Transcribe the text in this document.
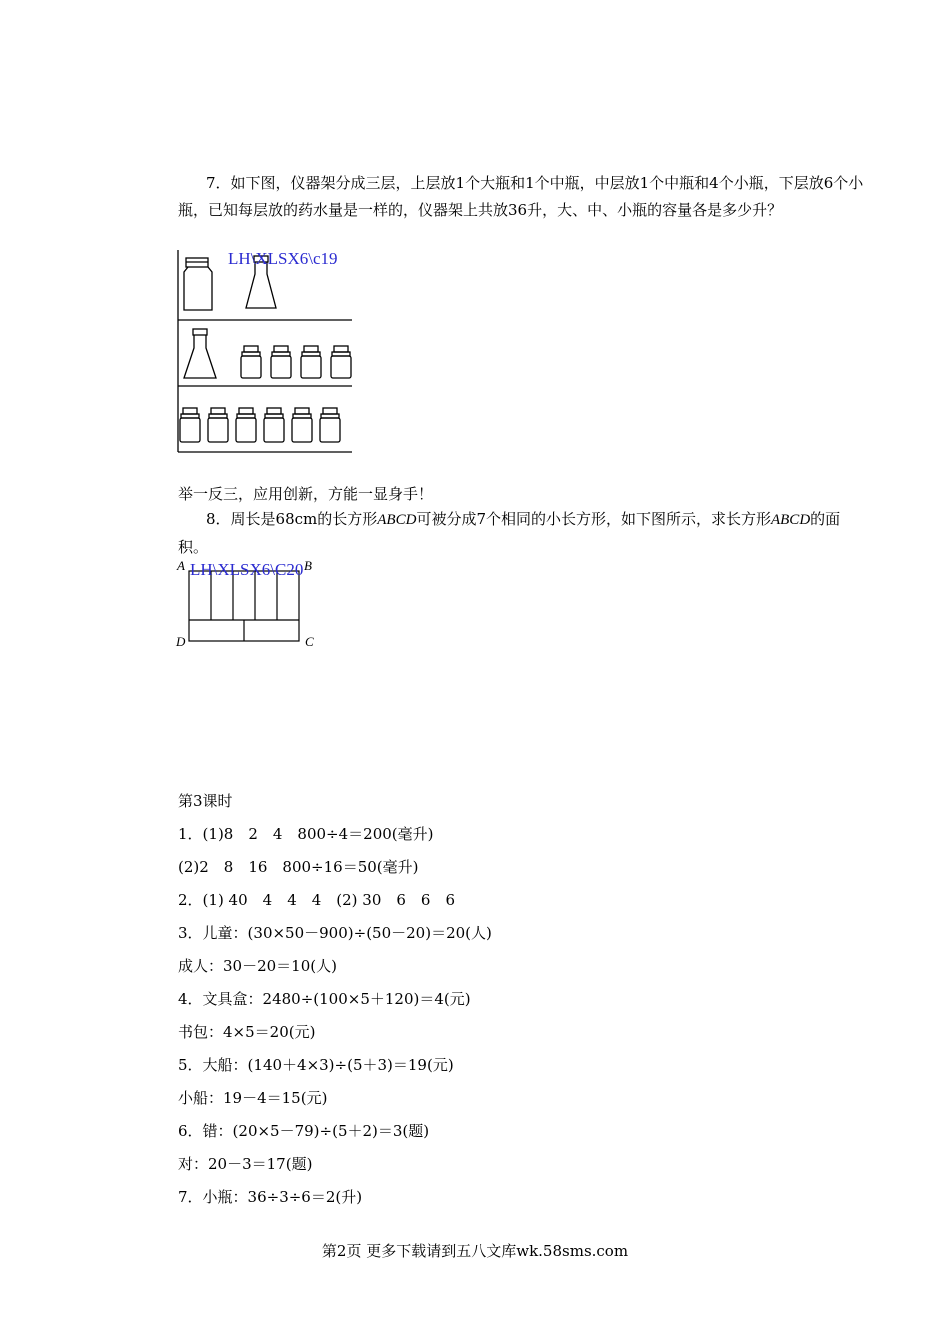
7．如下图，仪器架分成三层，上层放1个大瓶和1个中瓶，中层放1个中瓶和4个小瓶，下层放6个小瓶，已知每层放的药水量是一样的，仪器架上共放36升，大、中、小瓶的容量各是多少升？
LH\XLSX6\c19
举一反三，应用创新，方能一显身手！
8．周长是68cm的长方形ABCD可被分成7个相同的小长方形，如下图所示，求长方形ABCD的面积。
A	B
C
D
LH\XLSX6\C20
第3课时
1．(1)8　2　4　800÷4＝200(毫升)
(2)2　8　16　800÷16＝50(毫升)
2．(1) 40　4　4　4　(2) 30　6　6　6
3．儿童：(30×50－900)÷(50－20)＝20(人)
成人：30－20＝10(人)
4．文具盒：2480÷(100×5＋120)＝4(元)
书包：4×5＝20(元)
5．大船：(140＋4×3)÷(5＋3)＝19(元)
小船：19－4＝15(元)
6．错：(20×5－79)÷(5＋2)＝3(题)
对：20－3＝17(题)
7．小瓶：36÷3÷6＝2(升)
第2页 更多下载请到五八文库wk.58sms.com
